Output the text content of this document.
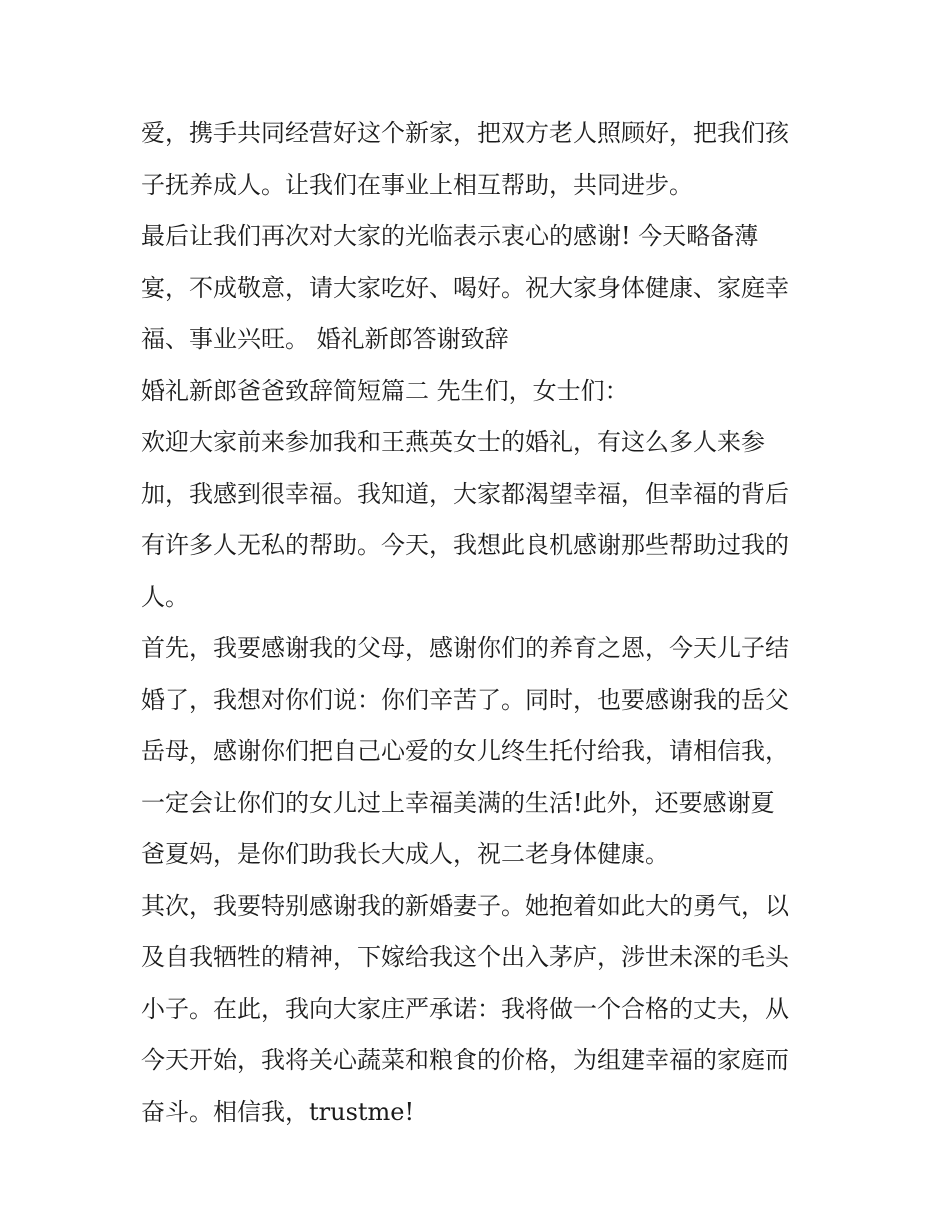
爱，携手共同经营好这个新家，把双方老人照顾好，把我们孩
子抚养成人。让我们在事业上相互帮助，共同进步。
最后让我们再次对大家的光临表示衷心的感谢! 今天略备薄
宴，不成敬意，请大家吃好、喝好。祝大家身体健康、家庭幸
福、事业兴旺。 婚礼新郎答谢致辞
婚礼新郎爸爸致辞简短篇二 先生们，女士们：
欢迎大家前来参加我和王燕英女士的婚礼，有这么多人来参
加，我感到很幸福。我知道，大家都渴望幸福，但幸福的背后
有许多人无私的帮助。今天，我想此良机感谢那些帮助过我的
人。
首先，我要感谢我的父母，感谢你们的养育之恩，今天儿子结
婚了，我想对你们说：你们辛苦了。同时，也要感谢我的岳父
岳母，感谢你们把自己心爱的女儿终生托付给我，请相信我，
一定会让你们的女儿过上幸福美满的生活!此外，还要感谢夏
爸夏妈，是你们助我长大成人，祝二老身体健康。
其次，我要特别感谢我的新婚妻子。她抱着如此大的勇气，以
及自我牺牲的精神，下嫁给我这个出入茅庐，涉世未深的毛头
小子。在此，我向大家庄严承诺：我将做一个合格的丈夫，从
今天开始，我将关心蔬菜和粮食的价格，为组建幸福的家庭而
奋斗。相信我，trustme!
